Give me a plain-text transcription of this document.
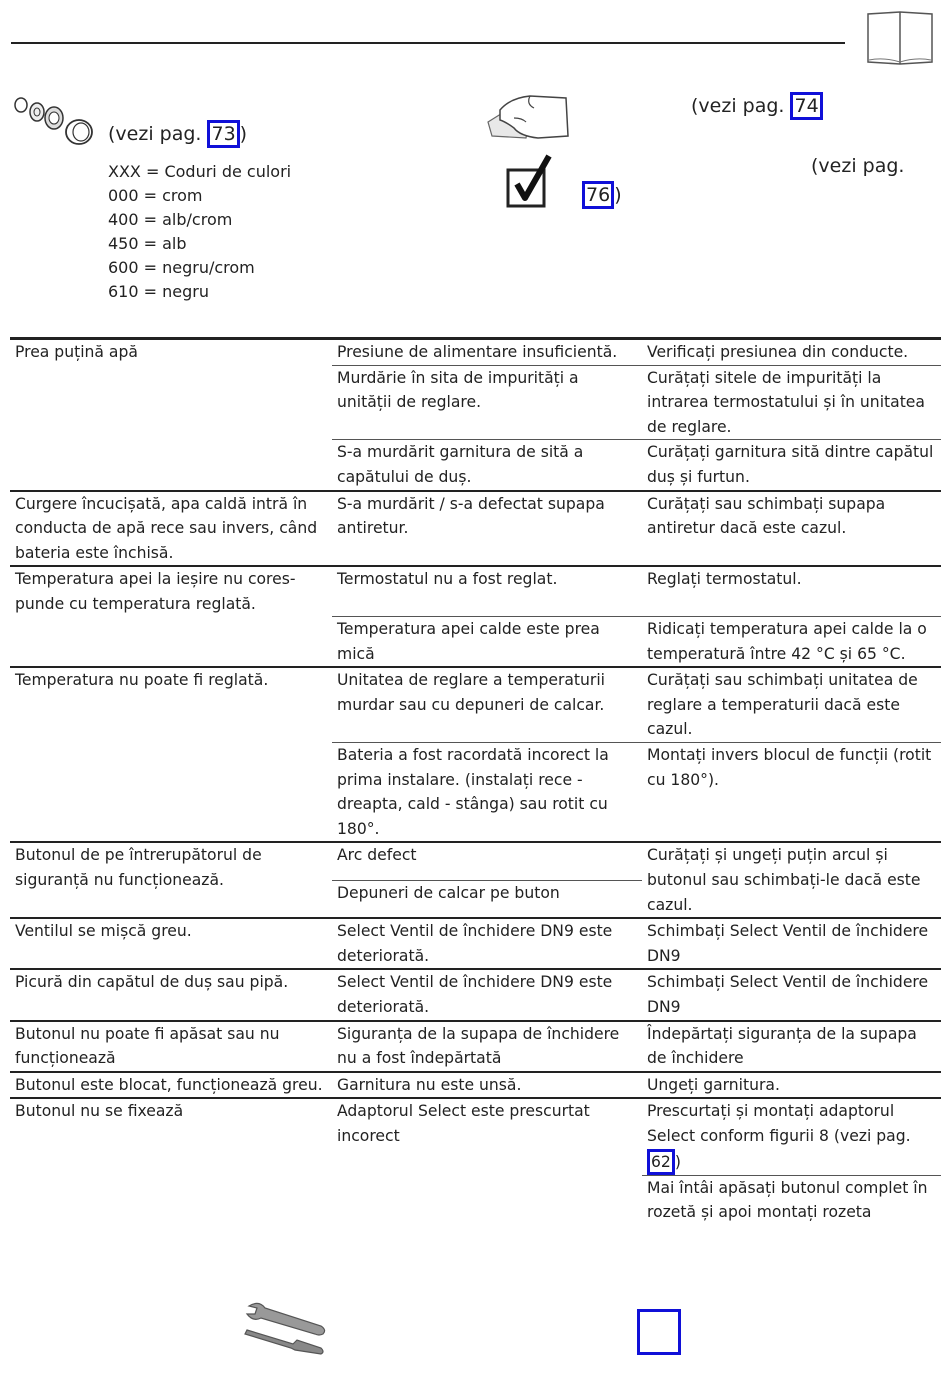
(vezi pag. 73 )
XXX = Coduri de culori
000 = crom
400 = alb/crom
450 = alb
600 = negru/crom
610 = negru
(vezi pag. 74
76 )
(vezi pag.
Prea puțină apă	Presiune de alimentare insuficientă.	Verificați presiunea din conducte.
	Murdărie în sita de impurități a unității de reglare.	Curățați sitele de impurități la intrarea termostatului și în unitatea de reglare.
	S-a murdărit garnitura de sită a capătului de duș.	Curățați garnitura sită dintre capătul duș și furtun.
Curgere încucișată, apa caldă intră în conducta de apă rece sau invers, când bateria este închisă.	S-a murdărit / s-a defectat supapa antiretur.	Curățați sau schimbați supapa antiretur dacă este cazul.
Temperatura apei la ieșire nu cores-punde cu temperatura reglată.	Termostatul nu a fost reglat.	Reglați termostatul.
	Temperatura apei calde este prea mică	Ridicați temperatura apei calde la o temperatură între 42 °C și 65 °C.
Temperatura nu poate fi reglată.	Unitatea de reglare a temperaturii murdar sau cu depuneri de calcar.	Curățați sau schimbați unitatea de reglare a temperaturii dacă este cazul.
	Bateria a fost racordată incorect la prima instalare. (instalați rece - dreapta, cald - stânga) sau rotit cu 180°.	Montați invers blocul de funcții (rotit cu 180°).
Butonul de pe întrerupătorul de siguranță nu funcționează.	Arc defect	Curățați și ungeți puțin arcul și butonul sau schimbați-le dacă este cazul.
	Depuneri de calcar pe buton	
Ventilul se mișcă greu.	Select Ventil de închidere DN9 este deteriorată.	Schimbați Select Ventil de închidere DN9
Picură din capătul de duș sau pipă.	Select Ventil de închidere DN9 este deteriorată.	Schimbați Select Ventil de închidere DN9
Butonul nu poate fi apăsat sau nu funcționează	Siguranța de la supapa de închidere nu a fost îndepărtată	Îndepărtați siguranța de la supapa de închidere
Butonul este blocat, funcționează greu.	Garnitura nu este unsă.	Ungeți garnitura.
Butonul nu se fixează	Adaptorul Select este prescurtat incorect	Prescurtați și montați adaptorul Select conform figurii 8 (vezi pag. 62 )
		Mai întâi apăsați butonul complet în rozetă și apoi montați rozeta
